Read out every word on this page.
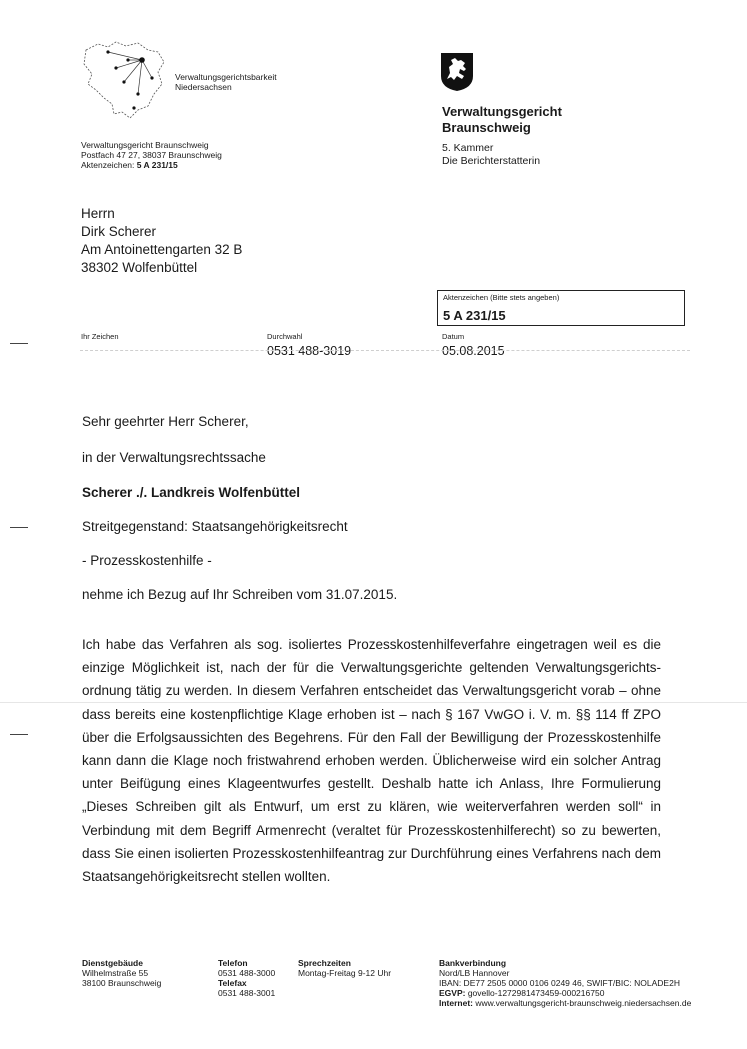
Verwaltungsgerichtsbarkeit
Niedersachsen
Verwaltungsgericht
Braunschweig
5. Kammer
Die Berichterstatterin
Verwaltungsgericht Braunschweig
Postfach 47 27, 38037 Braunschweig
Aktenzeichen: 5 A 231/15
Herrn
Dirk Scherer
Am Antoinettengarten 32 B
38302 Wolfenbüttel
Aktenzeichen (Bitte stets angeben)
5 A 231/15
Ihr Zeichen	Durchwahl
0531 488-3019
Datum
05.08.2015
Sehr geehrter Herr Scherer,
in der Verwaltungsrechtssache
Scherer ./. Landkreis Wolfenbüttel
Streitgegenstand: Staatsangehörigkeitsrecht
- Prozesskostenhilfe -
nehme ich Bezug auf Ihr Schreiben vom 31.07.2015.

Ich habe das Verfahren als sog. isoliertes Prozesskostenhilfeverfahre eingetragen weil es die einzige Möglichkeit ist, nach der für die Verwaltungsgerichte geltenden Verwaltungsgerichtsordnung tätig zu werden. In diesem Verfahren entscheidet das Verwaltungsgericht vorab – ohne dass bereits eine kostenpflichtige Klage erhoben ist – nach § 167 VwGO i. V. m. §§ 114 ff ZPO über die Erfolgsaussichten des Begehrens. Für den Fall der Bewilligung der Prozesskostenhilfe kann dann die Klage noch fristwahrend erhoben werden. Üblicherweise wird ein solcher Antrag unter Beifügung eines Klageentwurfes gestellt. Deshalb hatte ich Anlass, Ihre Formulierung „Dieses Schreiben gilt als Entwurf, um erst zu klären, wie weiterverfahren werden soll“ in Verbindung mit dem Begriff Armenrecht (veraltet für Prozesskostenhilferecht) so zu bewerten, dass Sie einen isolierten Prozesskostenhilfeantrag zur Durchführung eines Verfahrens nach dem Staatsangehörigkeitsrecht stellen wollten.

Dienstgebäude
Wilhelmstraße 55
38100 Braunschweig
Telefon
0531 488-3000
Telefax
0531 488-3001
Sprechzeiten
Montag-Freitag 9-12 Uhr
Bankverbindung
Nord/LB Hannover
IBAN: DE77 2505 0000 0106 0249 46, SWIFT/BIC: NOLADE2H
EGVP: govello-1272981473459-000216750
Internet: www.verwaltungsgericht-braunschweig.niedersachsen.de
